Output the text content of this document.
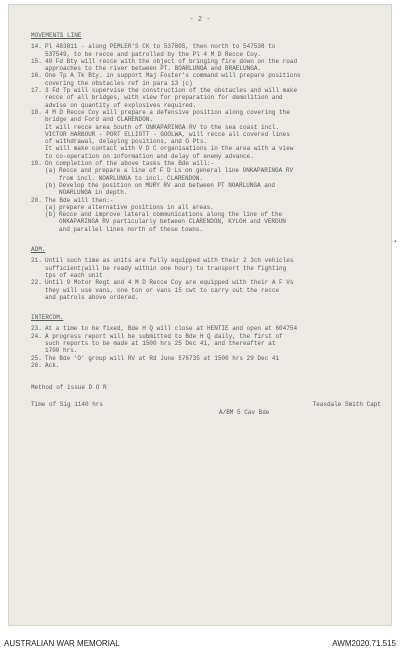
- 2 -

MOVEMENTS LINE

14. Pl 483811 - along PEMLER'S CK to 537805, then north to 547538 to
537549, to be recce and patrolled by the Pl 4 M D Recce Coy.
15. 48 Fd Bty will recce with the object of bringing fire down on the road
approaches to the river between PT. BOARLUNGA and BRAELUNGA.
16. One Tp A Tk Bty. in support Maj Foster's command will prepare positions
covering the obstacles ref in para 13 (c)
17. 3 Fd Tp will supervise the construction of the obstacles and will make
recce of all bridges, with view for preparation for demolition and
advise on quantity of explosives required.
18. 4 M D Recce Coy will prepare a defensive position along covering the
bridge and Ford and CLARENDON.
It will recce area South of ONKAPARINGA RV to the sea coast incl.
VICTOR HARBOUR - PORT ELLIOTT - GOOLWA, will recce all covered lines
of withdrawal, delaying positions, and O Pts.
It will make contact with V D C organisations in the area with a view
to co-operation on information and delay of enemy advance.
19. On completion of the above tasks the Bde will:-
(a) Recce and prepare a line of F D Ls on general line ONKAPARINGA RV
from incl. NOARLUNGA to incl. CLARENDON.
(b) Develop the position on MURY RV and between PT NOARLUNGA and
NOARLUNGA in depth.
20. The Bde will then:-
(a) prepare alternative positions in all areas.
(b) Recce and improve lateral communications along the line of the
ONKAPARINGA RV particularly between CLARENDON, KYLOH and VERDUN
and parallel lines north of these towns.

ADM.

21. Until such time as units are fully equipped with their 2 3ch vehicles
sufficient(will be ready within one hour) to transport the fighting
tps of each unit
22. Until 9 Motor Regt and 4 M D Recce Coy are equipped with their A F Vs
they will use vans, one ton or vans 15 cwt to carry out the recce
and patrols above ordered.

INTERCOM.

23. At a time to be fixed, Bde H Q will close at HENTIE and open at 604754
24. A progress report will be submitted to Bde H Q daily, the first of
such reports to be made at 1500 hrs 25 Dec 41, and thereafter at
1700 hrs.
25. The Bde 'O' group will RV at Rd June 576735 at 1500 hrs 29 Dec 41
26. Ack.

Method of issue D O R

Time of Sig 1140 hrs	Teasdale Smith Capt

A/BM 5 Cav Bde

➝
AUSTRALIAN WAR MEMORIAL	AWM2020.71.515
